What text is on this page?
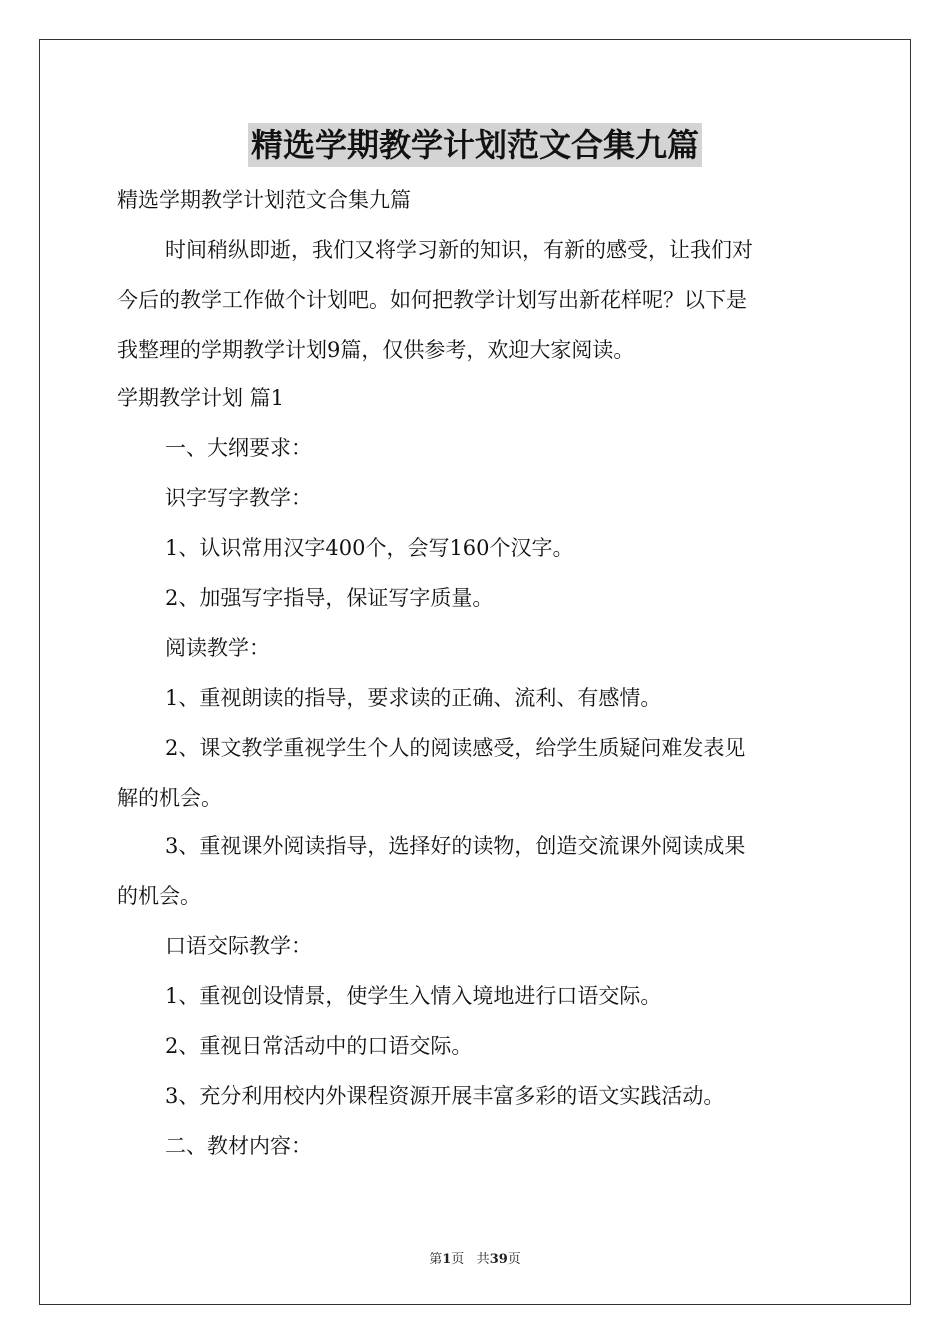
精选学期教学计划范文合集九篇
精选学期教学计划范文合集九篇
时间稍纵即逝，我们又将学习新的知识，有新的感受，让我们对
今后的教学工作做个计划吧。如何把教学计划写出新花样呢？以下是
我整理的学期教学计划9篇，仅供参考，欢迎大家阅读。
学期教学计划 篇1
一、大纲要求：
识字写字教学：
1、认识常用汉字400个，会写160个汉字。
2、加强写字指导，保证写字质量。
阅读教学：
1、重视朗读的指导，要求读的正确、流利、有感情。
2、课文教学重视学生个人的阅读感受，给学生质疑问难发表见
解的机会。
3、重视课外阅读指导，选择好的读物，创造交流课外阅读成果
的机会。
口语交际教学：
1、重视创设情景，使学生入情入境地进行口语交际。
2、重视日常活动中的口语交际。
3、充分利用校内外课程资源开展丰富多彩的语文实践活动。
二、教材内容：
第1页 共39页
